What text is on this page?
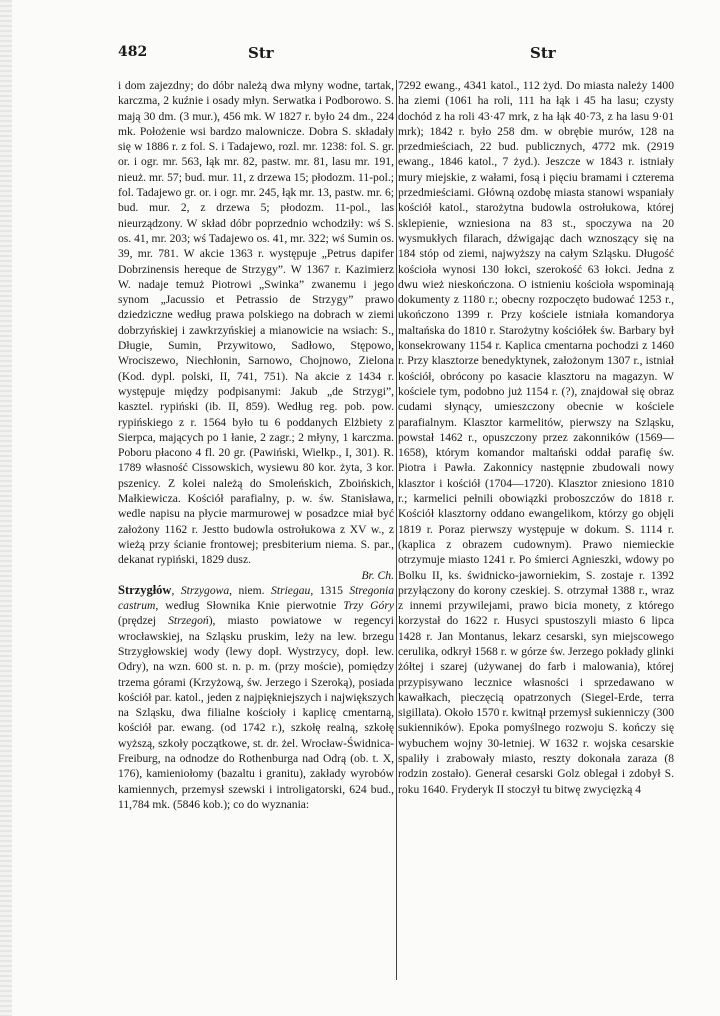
482	Str	Str

i dom zajezdny; do dóbr należą dwa młyny wodne, tartak, karczma, 2 kuźnie i osady młyn. Serwatka i Podborowo. S. mają 30 dm. (3 mur.), 456 mk. W 1827 r. było 24 dm., 224 mk. Położenie wsi bardzo malownicze. Dobra S. składały się w 1886 r. z fol. S. i Tadajewo, rozl. mr. 1238: fol. S. gr. or. i ogr. mr. 563, łąk mr. 82, pastw. mr. 81, lasu mr. 191, nieuż. mr. 57; bud. mur. 11, z drzewa 15; płodozm. 11-pol.; fol. Tadajewo gr. or. i ogr. mr. 245, łąk mr. 13, pastw. mr. 6; bud. mur. 2, z drzewa 5; płodozm. 11-pol., las nieurządzony. W skład dóbr poprzednio wchodziły: wś S. os. 41, mr. 203; wś Tadajewo os. 41, mr. 322; wś Sumin os. 39, mr. 781. W akcie 1363 r. występuje „Petrus dapifer Dobrzinensis hereque de Strzygy”. W 1367 r. Kazimierz W. nadaje temuż Piotrowi „Swinka” zwanemu i jego synom „Jacussio et Petrassio de Strzygy” prawo dziedziczne według prawa polskiego na dobrach w ziemi dobrzyńskiej i zawkrzyńskiej a mianowicie na wsiach: S., Długie, Sumin, Przywitowo, Sadłowo, Stępowo, Wrociszewo, Niechłonin, Sarnowo, Chojnowo, Zielona (Kod. dypl. polski, II, 741, 751). Na akcie z 1434 r. występuje między podpisanymi: Jakub „de Strzygi”, kasztel. rypiński (ib. II, 859). Według reg. pob. pow. rypińskiego z r. 1564 było tu 6 poddanych Elżbiety z Sierpca, mających po 1 łanie, 2 zagr.; 2 młyny, 1 karczma. Poboru płacono 4 fl. 20 gr. (Pawiński, Wielkp., I, 301). R. 1789 własność Cissowskich, wysiewu 80 kor. żyta, 3 kor. pszenicy. Z kolei należą do Smoleńskich, Zboińskich, Małkiewicza. Kościół parafialny, p. w. św. Stanisława, wedle napisu na płycie marmurowej w posadzce miał być założony 1162 r. Jestto budowla ostrołukowa z XV w., z wieżą przy ścianie frontowej; presbiterium niema. S. par., dekanat rypiński, 1829 dusz.

Br. Ch.

Strzygłów, Strzygowa, niem. Striegau, 1315 Stregonia castrum, według Słownika Knie pierwotnie Trzy Góry (prędzej Strzegoń), miasto powiatowe w regencyi wrocławskiej, na Szląsku pruskim, leży na lew. brzegu Strzygłowskiej wody (lewy dopł. Wystrzycy, dopł. lew. Odry), na wzn. 600 st. n. p. m. (przy moście), pomiędzy trzema górami (Krzyżową, św. Jerzego i Szeroką), posiada kościół par. katol., jeden z najpiękniejszych i największych na Szląsku, dwa filialne kościoły i kaplicę cmentarną, kościół par. ewang. (od 1742 r.), szkołę realną, szkołę wyższą, szkoły początkowe, st. dr. żel. Wrocław-Świdnica-Freiburg, na odnodze do Rothenburga nad Odrą (ob. t. X, 176), kamieniołomy (bazaltu i granitu), zakłady wyrobów kamiennych, przemysł szewski i introligatorski, 624 bud., 11,784 mk. (5846 kob.); co do wyznania:

7292 ewang., 4341 katol., 112 żyd. Do miasta należy 1400 ha ziemi (1061 ha roli, 111 ha łąk i 45 ha lasu; czysty dochód z ha roli 43·47 mrk, z ha łąk 40·73, z ha lasu 9·01 mrk); 1842 r. było 258 dm. w obrębie murów, 128 na przedmieściach, 22 bud. publicznych, 4772 mk. (2919 ewang., 1846 katol., 7 żyd.). Jeszcze w 1843 r. istniały mury miejskie, z wałami, fosą i pięciu bramami i czterema przedmieściami. Główną ozdobę miasta stanowi wspaniały kościół katol., starożytna budowla ostrołukowa, której sklepienie, wzniesiona na 83 st., spoczywa na 20 wysmukłych filarach, dźwigając dach wznoszący się na 184 stóp od ziemi, najwyższy na całym Szląsku. Długość kościoła wynosi 130 łokci, szerokość 63 łokci. Jedna z dwu wież nieskończona. O istnieniu kościoła wspominają dokumenty z 1180 r.; obecny rozpoczęto budować 1253 r., ukończono 1399 r. Przy kościele istniała komandorya maltańska do 1810 r. Starożytny kościółek św. Barbary był konsekrowany 1154 r. Kaplica cmentarna pochodzi z 1460 r. Przy klasztorze benedyktynek, założonym 1307 r., istniał kościół, obrócony po kasacie klasztoru na magazyn. W kościele tym, podobno już 1154 r. (?), znajdował się obraz cudami słynący, umieszczony obecnie w kościele parafialnym. Klasztor karmelitów, pierwszy na Szląsku, powstał 1462 r., opuszczony przez zakonników (1569—1658), którym komandor maltański oddał parafię św. Piotra i Pawła. Zakonnicy następnie zbudowali nowy klasztor i kościół (1704—1720). Klasztor zniesiono 1810 r.; karmelici pełnili obowiązki proboszczów do 1818 r. Kościół klasztorny oddano ewangelikom, którzy go objęli 1819 r. Poraz pierwszy występuje w dokum. S. 1114 r. (kaplica z obrazem cudownym). Prawo niemieckie otrzymuje miasto 1241 r. Po śmierci Agnieszki, wdowy po Bolku II, ks. świdnicko-jaworniekim, S. zostaje r. 1392 przyłączony do korony czeskiej. S. otrzymał 1388 r., wraz z innemi przywilejami, prawo bicia monety, z którego korzystał do 1622 r. Husyci spustoszyli miasto 6 lipca 1428 r. Jan Montanus, lekarz cesarski, syn miejscowego cerulika, odkrył 1568 r. w górze św. Jerzego pokłady glinki żółtej i szarej (używanej do farb i malowania), której przypisywano lecznice własności i sprzedawano w kawałkach, pieczęcią opatrzonych (Siegel-Erde, terra sigillata). Około 1570 r. kwitnął przemysł sukienniczy (300 sukienników). Epoka pomyślnego rozwoju S. kończy się wybuchem wojny 30-letniej. W 1632 r. wojska cesarskie spaliły i zrabowały miasto, reszty dokonała zaraza (8 rodzin zostało). Generał cesarski Golz oblegał i zdobył S. roku 1640. Fryderyk II stoczył tu bitwę zwycięzką 4
